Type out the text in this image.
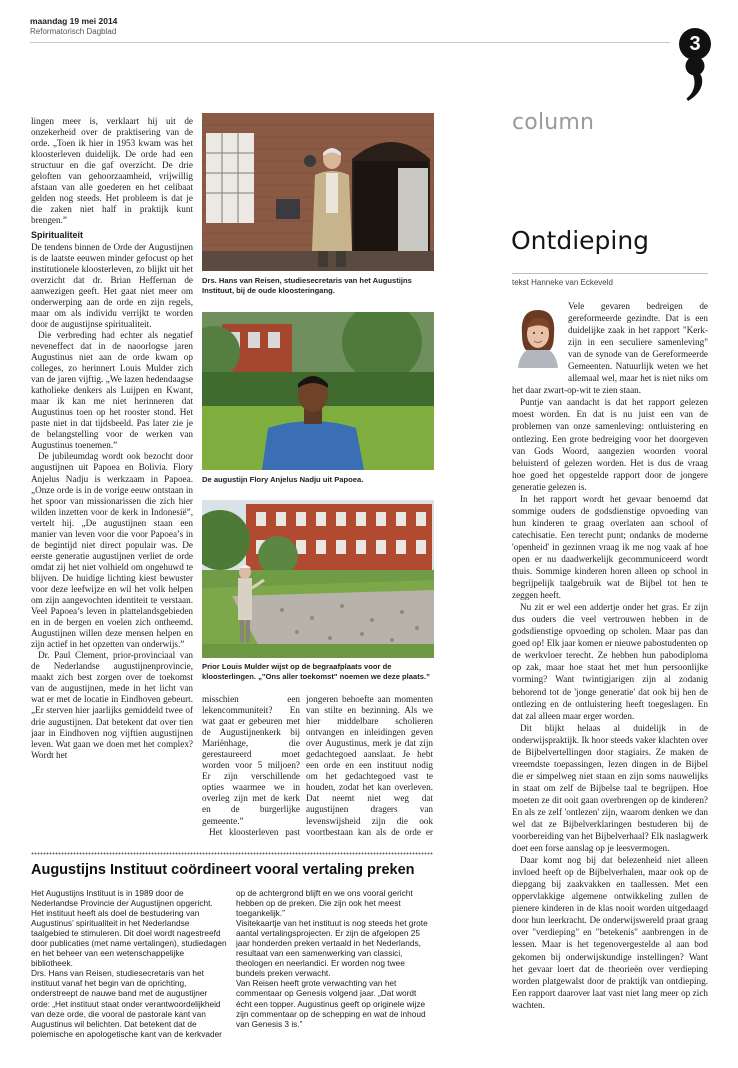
maandag 19 mei 2014
Reformatorisch Dagblad
3

lingen meer is, verklaart hij uit de onzekerheid over de praktisering van de orde. „Toen ik hier in 1953 kwam was het kloosterleven duidelijk. De orde had een structuur en die gaf overzicht. De drie geloften van gehoorzaamheid, vrijwillig afstaan van alle goederen en het celibaat gelden nog steeds. Het probleem is dat je die zaken niet half in praktijk kunt brengen.”

Spiritualiteit

De tendens binnen de Orde der Augustijnen is de laatste eeuwen minder gefocust op het institutionele kloosterleven, zo blijkt uit het overzicht dat dr. Brian Heffernan de aanwezigen geeft. Het gaat niet meer om onderwerping aan de orde en zijn regels, maar om als individu verrijkt te worden door de augustijnse spiritualiteit.

Die verbreding had echter als negatief neveneffect dat in de naoorlogse jaren Augustinus niet aan de orde kwam op colleges, zo herinnert Louis Mulder zich van de jaren vijftig. „We lazen hedendaagse katholieke denkers als Luijpen en Kwant, maar ik kan me niet herinneren dat Augustinus toen op het rooster stond. Het paste niet in dat tijdsbeeld. Pas later zie je de belangstelling voor de werken van Augustinus toenemen.”

De jubileumdag wordt ook bezocht door augustijnen uit Papoea en Bolivia. Flory Anjelus Nadju is werkzaam in Papoea. „Onze orde is in de vorige eeuw ontstaan in het spoor van missionarissen die zich hier wilden inzetten voor de kerk in Indonesië”, vertelt hij. „De augustijnen staan een manier van leven voor die voor Papoea’s in de begintijd niet direct populair was. De eerste generatie augustijnen verliet de orde omdat zij het niet volhield om ongehuwd te blijven. De huidige lichting kiest bewuster voor deze leefwijze en wil het volk helpen om zijn aangevochten identiteit te verstaan. Veel Papoea’s leven in plattelandsgebieden en in de bergen en voelen zich ontheemd. Augustijnen willen deze mensen helpen en zijn actief in het opzetten van onderwijs.”

Dr. Paul Clement, prior-provinciaal van de Nederlandse augustijnenprovincie, maakt zich best zorgen over de toekomst van de augustijnen, mede in het licht van wat er met de locatie in Eindhoven gebeurt. „Er sterven hier jaarlijks gemiddeld twee of drie augustijnen. Dat betekent dat over tien jaar in Eindhoven nog vijftien augustijnen leven. Wat gaan we doen met het complex? Wordt het

Drs. Hans van Reisen, studiesecretaris van het Augustijns Instituut, bij de oude kloosteringang.
De augustijn Flory Anjelus Nadju uit Papoea.
Prior Louis Mulder wijst op de begraafplaats voor de kloosterlingen. „"Ons aller toekomst" noemen we deze plaats.”

misschien een lekencommuniteit? En wat gaat er gebeuren met de Augustijnenkerk bij Mariënhage, die gerestaureerd moet worden voor 5 miljoen? Er zijn verschillende opties waarmee we in overleg zijn met de kerk en de burgerlijke gemeente.”

Het kloosterleven past

jongeren behoefte aan momenten van stilte en bezinning. Als we hier middelbare scholieren ontvangen en inleidingen geven over Augustinus, merk je dat zijn gedachtegoed aanslaat. Je hebt een orde en een instituut nodig om het gedachtegoed vast te houden, zodat het kan overleven. Dat neemt niet weg dat augustijnen dragers van levenswijsheid zijn die ook voortbestaan kan als de orde er

Augustijns Instituut coördineert vooral vertaling preken

Het Augustijns Instituut is in 1989 door de Nederlandse Provincie der Augustijnen opgericht. Het instituut heeft als doel de bestudering van Augustinus’ spiritualiteit in het Nederlandse taalgebied te stimuleren. Dit doel wordt nagestreefd door publicaties (met name vertalingen), studiedagen en het beheer van een wetenschappelijke bibliotheek.

Drs. Hans van Reisen, studiesecretaris van het instituut vanaf het begin van de oprichting, onderstreept de nauwe band met de augustijner orde: „Het instituut staat onder verantwoordelijkheid van deze orde, die vooral de pastorale kant van Augustinus wil belichten. Dat betekent dat de polemische en apologetische kant van de kerkvader

op de achtergrond blijft en we ons vooral gericht hebben op de preken. Die zijn ook het meest toegankelijk.”

Visitekaartje van het instituut is nog steeds het grote aantal vertalingsprojecten. Er zijn de afgelopen 25 jaar honderden preken vertaald in het Nederlands, resultaat van een samenwerking van classici, theologen en neerlandici. Er worden nog twee bundels preken verwacht.

Van Reisen heeft grote verwachting van het commentaar op Genesis volgend jaar. „Dat wordt écht een topper. Augustinus geeft op originele wijze zijn commentaar op de schepping en wat de inhoud van Genesis 3 is.”

column
Ontdieping
tekst Hanneke van Eckeveld

Vele gevaren bedreigen de gereformeerde gezindte. Dat is een duidelijke zaak in het rapport "Kerk-zijn in een seculiere samenleving" van de synode van de Gereformeerde Gemeenten. Natuurlijk weten we het allemaal wel, maar het is niet niks om het daar zwart-op-wit te zien staan.

Puntje van aandacht is dat het rapport gelezen moest worden. En dat is nu juist een van de problemen van onze samenleving: ontluistering en ontlezing. Een grote bedreiging voor het doorgeven van Gods Woord, aangezien woorden vooral beluisterd of gelezen worden. Het is dus de vraag hoe goed het opgestelde rapport door de jongere generatie gelezen is.

In het rapport wordt het gevaar benoemd dat sommige ouders de godsdienstige opvoeding van hun kinderen te graag overlaten aan school of catechisatie. Een terecht punt; ondanks de moderne 'openheid' in gezinnen vraag ik me nog vaak af hoe open er nu daadwerkelijk gecommuniceerd wordt thuis. Sommige kinderen horen alleen op school in begrijpelijk taalgebruik wat de Bijbel tot hen te zeggen heeft.

Nu zit er wel een addertje onder het gras. Er zijn dus ouders die veel vertrouwen hebben in de godsdienstige opvoeding op scholen. Maar pas dan goed op! Elk jaar komen er nieuwe pabostudenten op de werkvloer terecht. Ze hebben hun pabodiploma op zak, maar hoe staat het met hun persoonlijke vorming? Want twintigjarigen zijn al zodanig behorend tot de 'jonge generatie' dat ook bij hen de ontlezing en de ontluistering heeft toegeslagen. En dat zal alleen maar erger worden.

Dit blijkt helaas al duidelijk in de onderwijspraktijk. Ik hoor steeds vaker klachten over de Bijbelvertellingen door stagiairs. Ze maken de vreemdste toepassingen, lezen dingen in de Bijbel die er simpelweg niet staan en zijn soms nauwelijks in staat om zelf de Bijbelse taal te begrijpen. Hoe moeten ze dit ooit gaan overbrengen op de kinderen? En als ze zelf 'ontlezen' zijn, waarom denken we dan wel dat ze Bijbelverklaringen bestuderen bij de voorbereiding van het Bijbelverhaal? Elk naslagwerk doet een forse aanslag op je leesvermogen.

Daar komt nog bij dat belezenheid niet alleen invloed heeft op de Bijbelverhalen, maar ook op de diepgang bij zaakvakken en taallessen. Met een oppervlakkige algemene ontwikkeling zullen de pienere kinderen in de klas nooit worden uitgedaagd door hun leerkracht. De onderwijswereld praat graag over "verdieping" en "betekenis" aanbrengen in de lessen. Maar is het tegenovergestelde al aan bod gekomen bij onderwijskundige instellingen? Want het gevaar loert dat de theorieën over verdieping worden platgewalst door de praktijk van ontdieping. Een rapport daarover laat vast niet lang meer op zich wachten.
